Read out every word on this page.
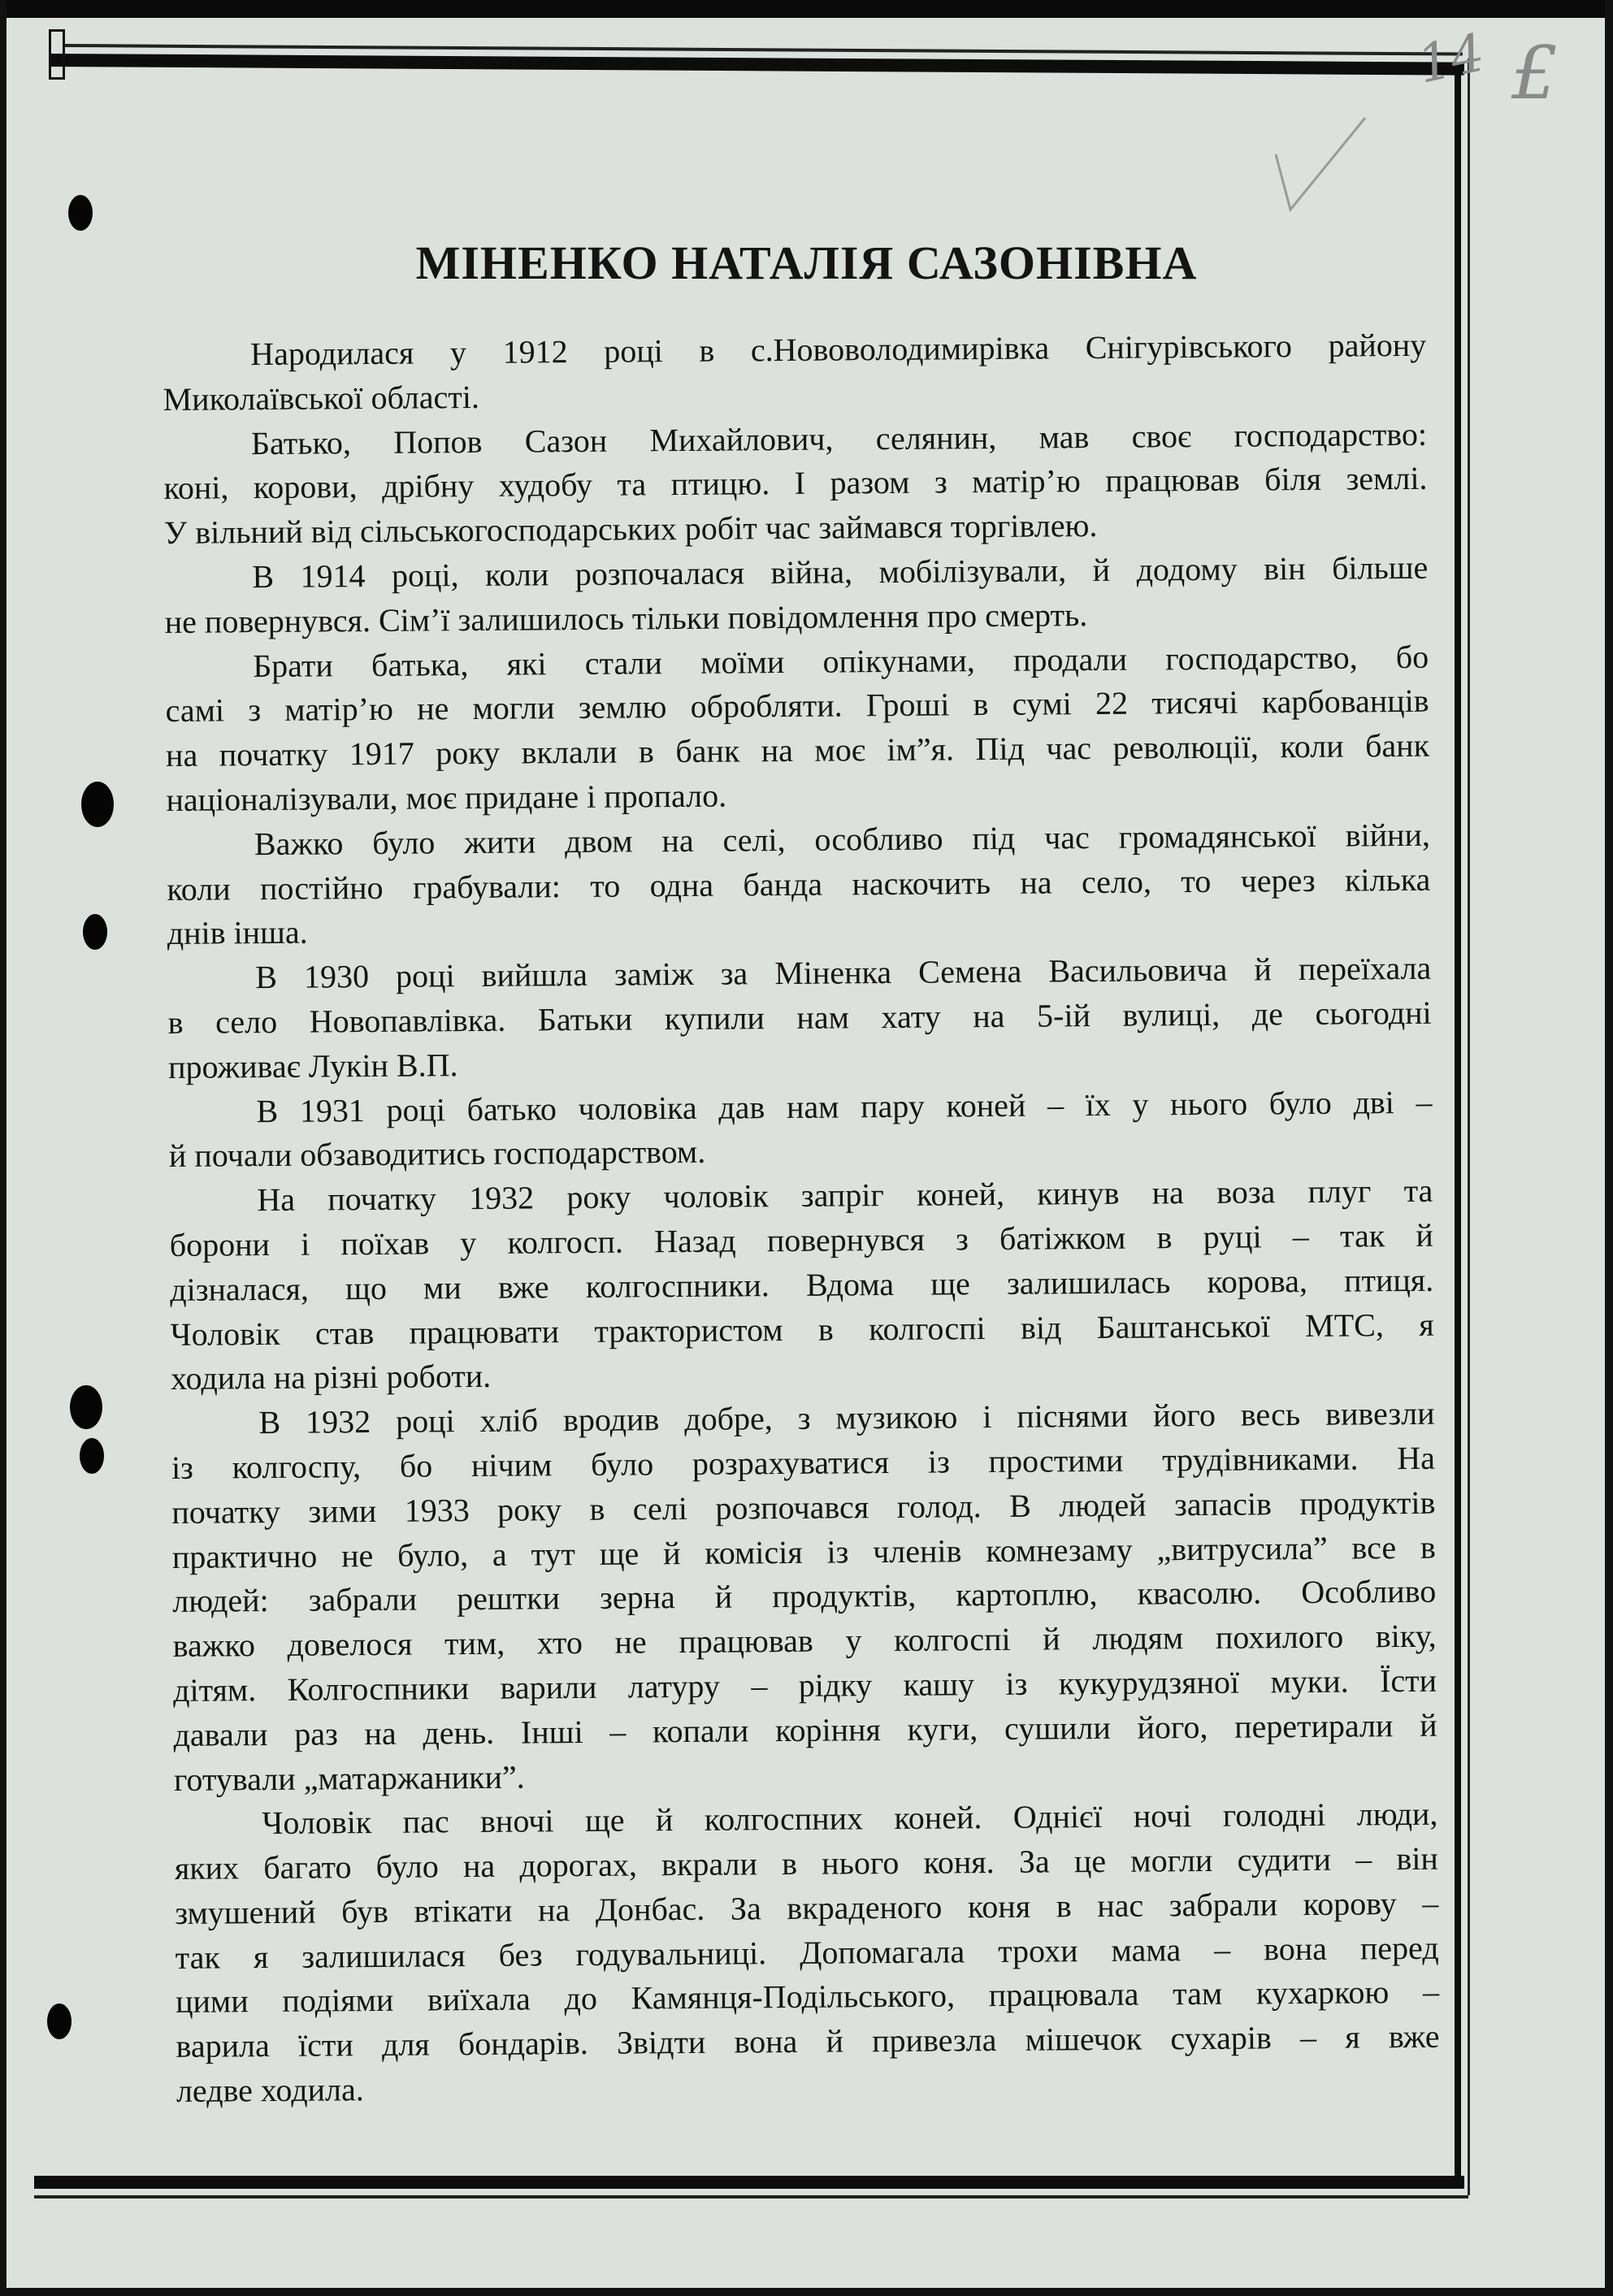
14 £
МІНЕНКО НАТАЛІЯ САЗОНІВНА
Народилася у 1912 році в с.Нововолодимирівка Снігурівського району
Миколаївської області.
Батько, Попов Сазон Михайлович, селянин, мав своє господарство:
коні, корови, дрібну худобу та птицю. І разом з матір’ю працював біля землі.
У вільний від сільськогосподарських робіт час займався торгівлею.
В 1914 році, коли розпочалася війна, мобілізували, й додому він більше
не повернувся. Сім’ї залишилось тільки повідомлення про смерть.
Брати батька, які стали моїми опікунами, продали господарство, бо
самі з матір’ю не могли землю обробляти. Гроші в сумі 22 тисячі карбованців
на початку 1917 року вклали в банк на моє ім”я. Під час революції, коли банк
націоналізували, моє придане і пропало.
Важко було жити двом на селі, особливо під час громадянської війни,
коли постійно грабували: то одна банда наскочить на село, то через кілька
днів інша.
В 1930 році вийшла заміж за Міненка Семена Васильовича й переїхала
в село Новопавлівка. Батьки купили нам хату на 5-ій вулиці, де сьогодні
проживає Лукін В.П.
В 1931 році батько чоловіка дав нам пару коней – їх у нього було дві –
й почали обзаводитись господарством.
На початку 1932 року чоловік запріг коней, кинув на воза плуг та
борони і поїхав у колгосп. Назад повернувся з батіжком в руці – так й
дізналася, що ми вже колгоспники. Вдома ще залишилась корова, птиця.
Чоловік став працювати трактористом в колгоспі від Баштанської МТС, я
ходила на різні роботи.
В 1932 році хліб вродив добре, з музикою і піснями його весь вивезли
із колгоспу, бо нічим було розрахуватися із простими трудівниками. На
початку зими 1933 року в селі розпочався голод. В людей запасів продуктів
практично не було, а тут ще й комісія із членів комнезаму „витрусила” все в
людей: забрали рештки зерна й продуктів, картоплю, квасолю. Особливо
важко довелося тим, хто не працював у колгоспі й людям похилого віку,
дітям. Колгоспники варили латуру – рідку кашу із кукурудзяної муки. Їсти
давали раз на день. Інші – копали коріння куги, сушили його, перетирали й
готували „матаржаники”.
Чоловік пас вночі ще й колгоспних коней. Однієї ночі голодні люди,
яких багато було на дорогах, вкрали в нього коня. За це могли судити – він
змушений був втікати на Донбас. За вкраденого коня в нас забрали корову –
так я залишилася без годувальниці. Допомагала трохи мама – вона перед
цими подіями виїхала до Камянця-Подільського, працювала там кухаркою –
варила їсти для бондарів. Звідти вона й привезла мішечок сухарів – я вже
ледве ходила.
